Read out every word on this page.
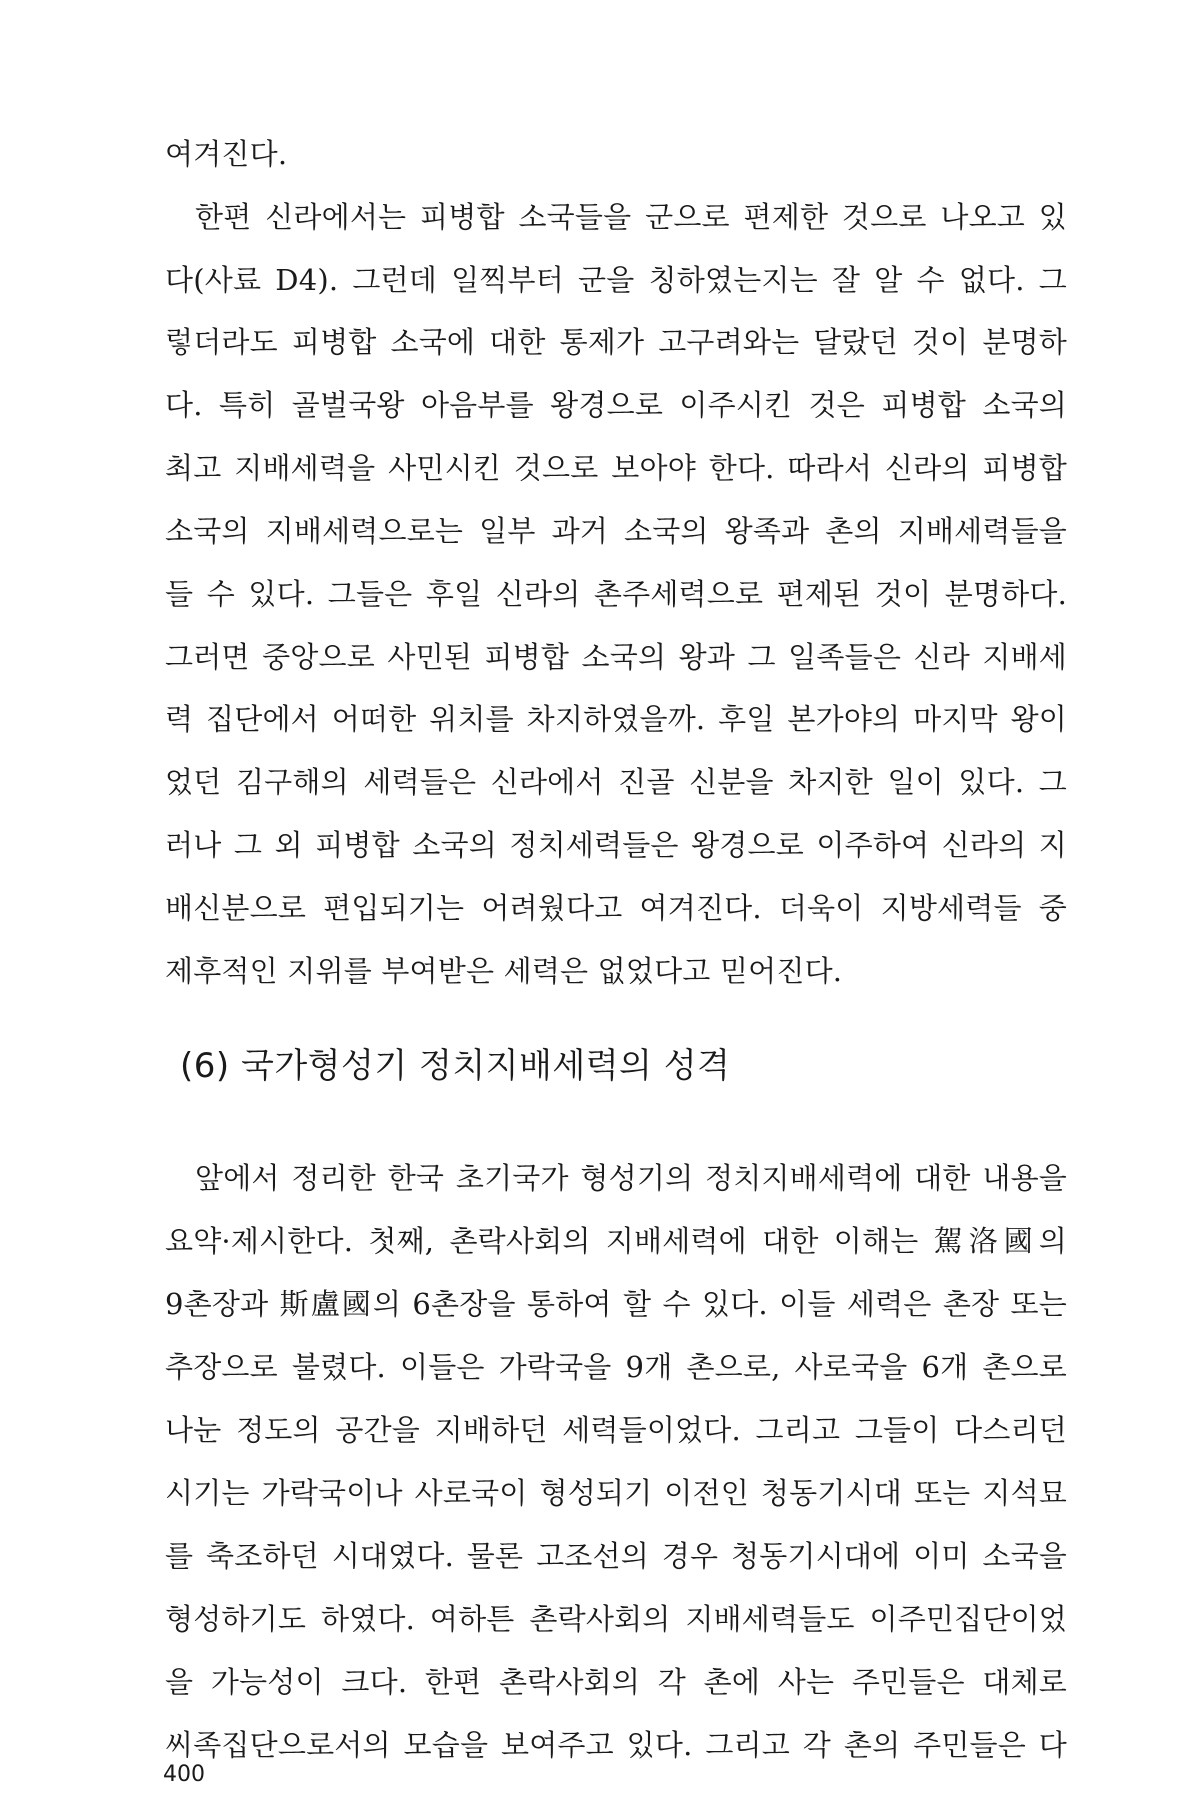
여겨진다.
한편 신라에서는 피병합 소국들을 군으로 편제한 것으로 나오고 있
다(사료 D4). 그런데 일찍부터 군을 칭하였는지는 잘 알 수 없다. 그
렇더라도 피병합 소국에 대한 통제가 고구려와는 달랐던 것이 분명하
다. 특히 골벌국왕 아음부를 왕경으로 이주시킨 것은 피병합 소국의
최고 지배세력을 사민시킨 것으로 보아야 한다. 따라서 신라의 피병합
소국의 지배세력으로는 일부 과거 소국의 왕족과 촌의 지배세력들을
들 수 있다. 그들은 후일 신라의 촌주세력으로 편제된 것이 분명하다.
그러면 중앙으로 사민된 피병합 소국의 왕과 그 일족들은 신라 지배세
력 집단에서 어떠한 위치를 차지하였을까. 후일 본가야의 마지막 왕이
었던 김구해의 세력들은 신라에서 진골 신분을 차지한 일이 있다. 그
러나 그 외 피병합 소국의 정치세력들은 왕경으로 이주하여 신라의 지
배신분으로 편입되기는 어려웠다고 여겨진다. 더욱이 지방세력들 중
제후적인 지위를 부여받은 세력은 없었다고 믿어진다.
(6) 국가형성기 정치지배세력의 성격
앞에서 정리한 한국 초기국가 형성기의 정치지배세력에 대한 내용을
요약·제시한다. 첫째, 촌락사회의 지배세력에 대한 이해는 駕洛國의
9촌장과 斯盧國의 6촌장을 통하여 할 수 있다. 이들 세력은 촌장 또는
추장으로 불렸다. 이들은 가락국을 9개 촌으로, 사로국을 6개 촌으로
나눈 정도의 공간을 지배하던 세력들이었다. 그리고 그들이 다스리던
시기는 가락국이나 사로국이 형성되기 이전인 청동기시대 또는 지석묘
를 축조하던 시대였다. 물론 고조선의 경우 청동기시대에 이미 소국을
형성하기도 하였다. 여하튼 촌락사회의 지배세력들도 이주민집단이었
을 가능성이 크다. 한편 촌락사회의 각 촌에 사는 주민들은 대체로
씨족집단으로서의 모습을 보여주고 있다. 그리고 각 촌의 주민들은 다
400
